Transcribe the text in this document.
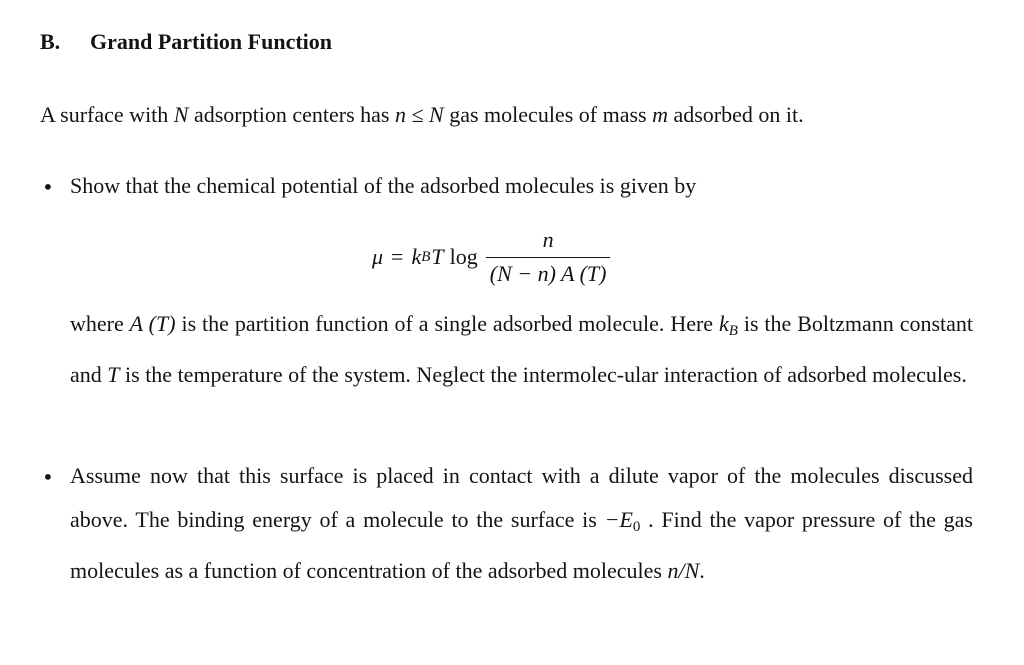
B. Grand Partition Function
A surface with N adsorption centers has n ≤ N gas molecules of mass m adsorbed on it.
• Show that the chemical potential of the adsorbed molecules is given by
μ = k B T $\log \frac{n}{(N - n) A (T)}$
where A (T) is the partition function of a single adsorbed molecule. Here $k_B$ is the Boltzmann constant and T is the temperature of the system. Neglect the intermolec-ular interaction of adsorbed molecules.
• Assume now that this surface is placed in contact with a dilute vapor of the molecules discussed above. The binding energy of a molecule to the surface is $-E_0$ . Find the vapor pressure of the gas molecules as a function of concentration of the adsorbed molecules n/N.
